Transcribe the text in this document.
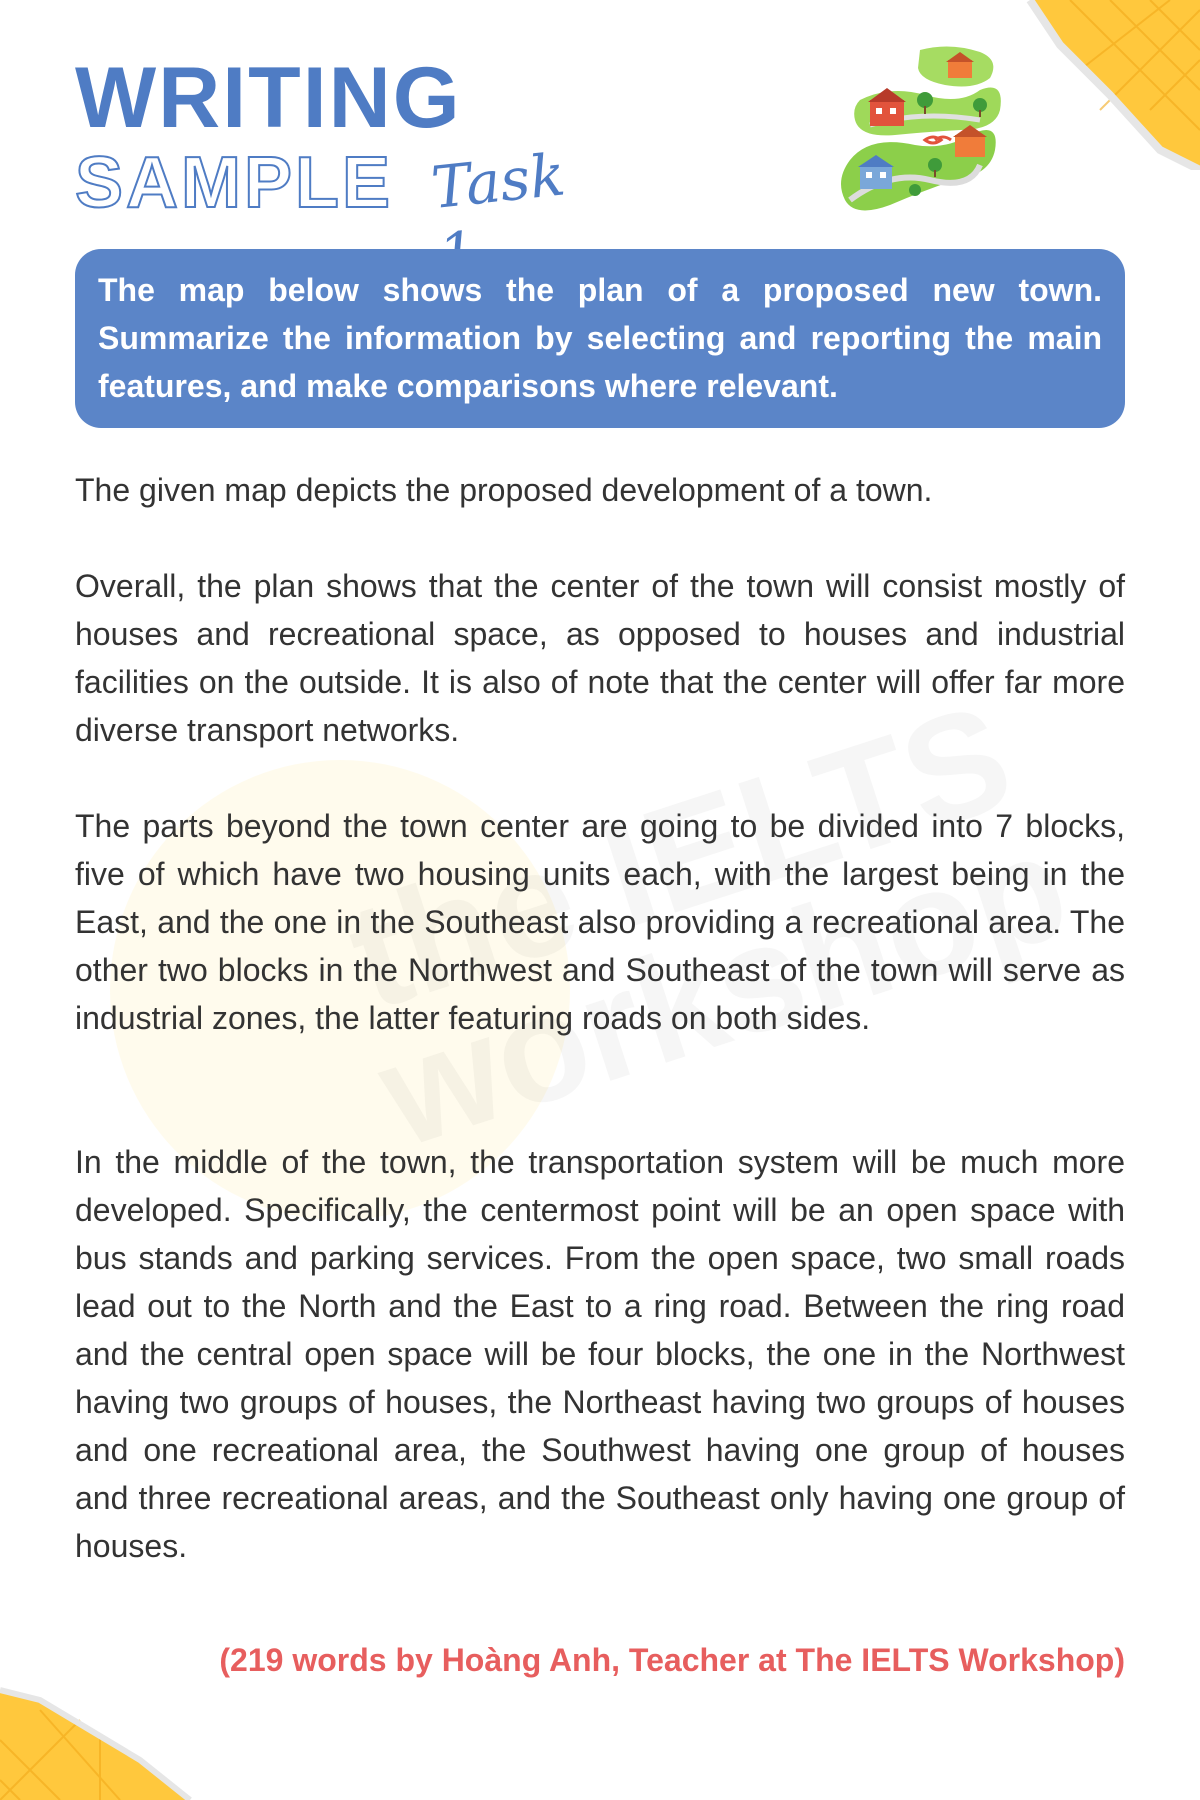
WRITING
SAMPLE Task

The map below shows the plan of a proposed new town. Summarize the information by selecting and reporting the main features, and make comparisons where relevant.

The given map depicts the proposed development of a town.

Overall, the plan shows that the center of the town will consist mostly of houses and recreational space, as opposed to houses and industrial facilities on the outside. It is also of note that the center will offer far more diverse transport networks.

The parts beyond the town center are going to be divided into 7 blocks, five of which have two housing units each, with the largest being in the East, and the one in the Southeast also providing a recreational area. The other two blocks in the Northwest and Southeast of the town will serve as industrial zones, the latter featuring roads on both sides.

In the middle of the town, the transportation system will be much more developed. Specifically, the centermost point will be an open space with bus stands and parking services. From the open space, two small roads lead out to the North and the East to a ring road. Between the ring road and the central open space will be four blocks, the one in the Northwest having two groups of houses, the Northeast having two groups of houses and one recreational area, the Southwest having one group of houses and three recreational areas, and the Southeast only having one group of houses.

(219 words by Hoàng Anh, Teacher at The IELTS Workshop)
